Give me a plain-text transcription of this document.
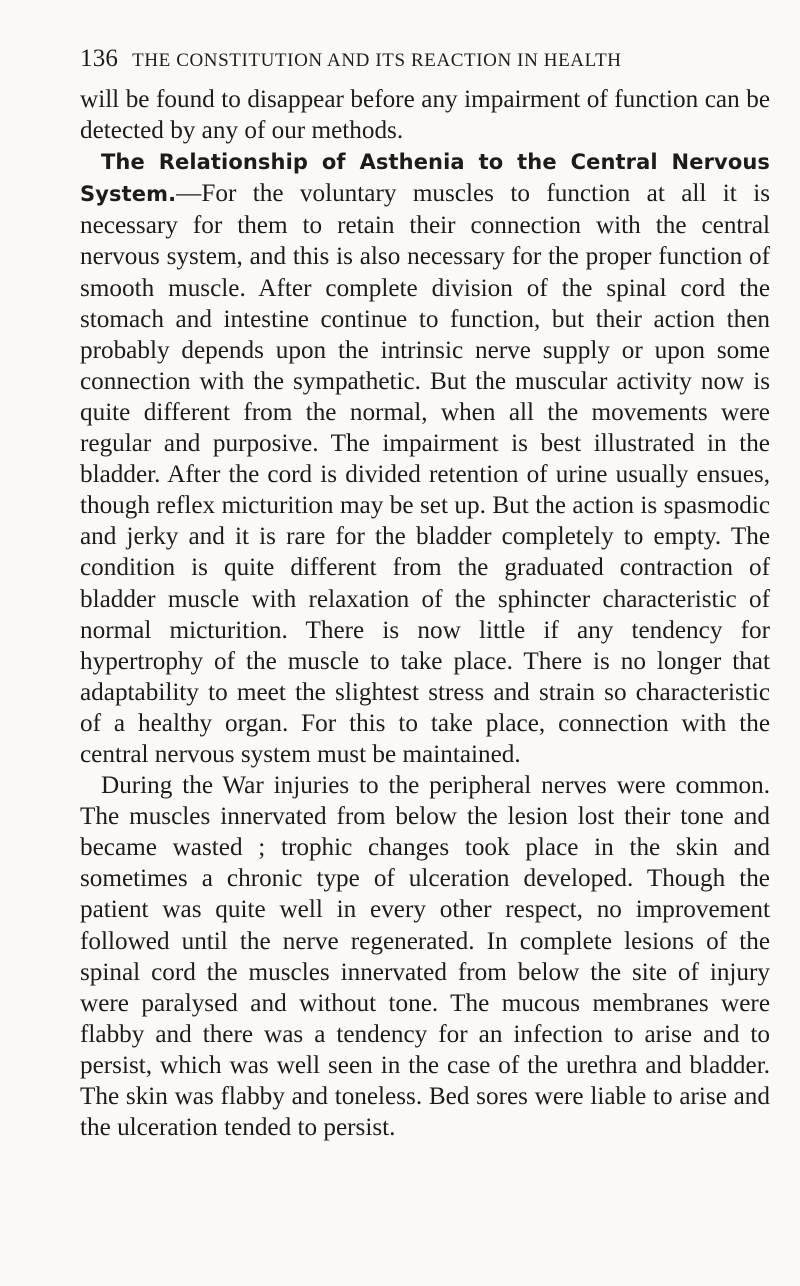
136 THE CONSTITUTION AND ITS REACTION IN HEALTH

will be found to disappear before any impairment of function can be detected by any of our methods.

The Relationship of Asthenia to the Central Nervous System.—For the voluntary muscles to function at all it is necessary for them to retain their connection with the central nervous system, and this is also necessary for the proper function of smooth muscle. After complete division of the spinal cord the stomach and intestine continue to function, but their action then probably depends upon the intrinsic nerve supply or upon some connection with the sympathetic. But the muscular activity now is quite different from the normal, when all the movements were regular and purposive. The impairment is best illustrated in the bladder. After the cord is divided retention of urine usually ensues, though reflex micturition may be set up. But the action is spasmodic and jerky and it is rare for the bladder completely to empty. The condition is quite different from the graduated contraction of bladder muscle with relaxation of the sphincter characteristic of normal micturition. There is now little if any tendency for hypertrophy of the muscle to take place. There is no longer that adaptability to meet the slightest stress and strain so characteristic of a healthy organ. For this to take place, connection with the central nervous system must be maintained.

During the War injuries to the peripheral nerves were common. The muscles innervated from below the lesion lost their tone and became wasted ; trophic changes took place in the skin and sometimes a chronic type of ulceration developed. Though the patient was quite well in every other respect, no improvement followed until the nerve regenerated. In complete lesions of the spinal cord the muscles innervated from below the site of injury were paralysed and without tone. The mucous membranes were flabby and there was a tendency for an infection to arise and to persist, which was well seen in the case of the urethra and bladder. The skin was flabby and toneless. Bed sores were liable to arise and the ulceration tended to persist.
